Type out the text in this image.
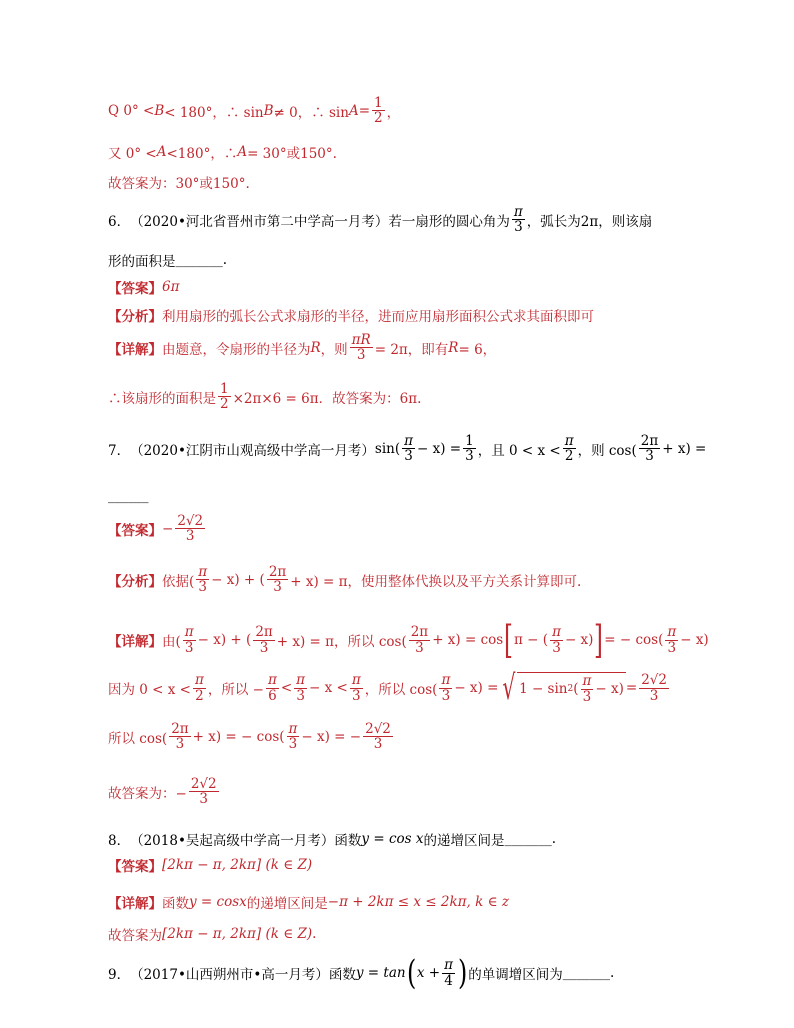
Q 0° < B < 180°，∴ sin B ≠ 0，∴ $\sin A = \frac{1}{2}$ ，
又 0° < A <180°，∴ A = 30°或150°.
故答案为：30°或150°.
6． （2020•河北省晋州市第二中学高一月考）若一扇形的圆心角为 $\frac{\pi}{3}$ ，弧长为2π，则该扇
形的面积是 _______ .
【答案】 6π
【分析】 利用扇形的弧长公式求扇形的半径，进而应用扇形面积公式求其面积即可
【详解】 由题意，令扇形的半径为 R ，则 $\frac{\pi R}{3} = 2\pi$，即有 R = 6，
∴该扇形的面积是 $\frac{1}{2} \times 2\pi\times 6 = 6\pi$．故答案为：6π.
7． （2020•江阴市山观高级中学高一月考） $\sin( \frac{\pi}{3} - x) = \frac{1}{3}$ ，且 $0 < x < \frac{\pi}{2}$ ，则 $\cos( \frac{2\pi}{3} + x)$ =
______
【答案】 − $\frac{2√2}{3}$
【分析】 依据( $\frac{\pi}{3} - x$) + ( $\frac{2\pi}{3} + x) = \pi$，使用整体代换以及平方关系计算即可.
【详解】 由( $\frac{\pi}{3} - x$) + ( $\frac{2\pi}{3} + x) = \pi$，所以 $\cos( \frac{2\pi}{3} + x) = \cos$ [ π − ( $\frac{\pi}{3} - x$) ] = − $\cos( \frac{\pi}{3} - x)$
因为 $0 < x < \frac{\pi}{2}$ ，所以 − $\frac{\pi}{6} < \frac{\pi}{3} - x < \frac{\pi}{3}$ ，所以 $\cos( \frac{\pi}{3} - x)$ = √ 1 − sin 2 ( $\frac{\pi}{3} - x) = \frac{2√2}{3}$
所以 $\cos( \frac{2\pi}{3} + x)$ = − $\cos( \frac{\pi}{3} - x)$ = − $\frac{2√2}{3}$
故答案为：− $\frac{2√2}{3}$
8． （2018•吴起高级中学高一月考）函数 y = cos x 的递增区间是 _______ .
【答案】 [2kπ − π, 2kπ]
(k ∈ Z)
【详解】 函数 y = cosx 的递增区间是 −π + 2kπ ≤ x ≤ 2kπ, k ∈ z
故答案为 [2kπ − π, 2kπ]
(k ∈ Z) .
9． （2017•山西朔州市•高一月考）函数 y = tan ( $x + \frac{\pi}{4}$ ) 的单调增区间为 _______ .
